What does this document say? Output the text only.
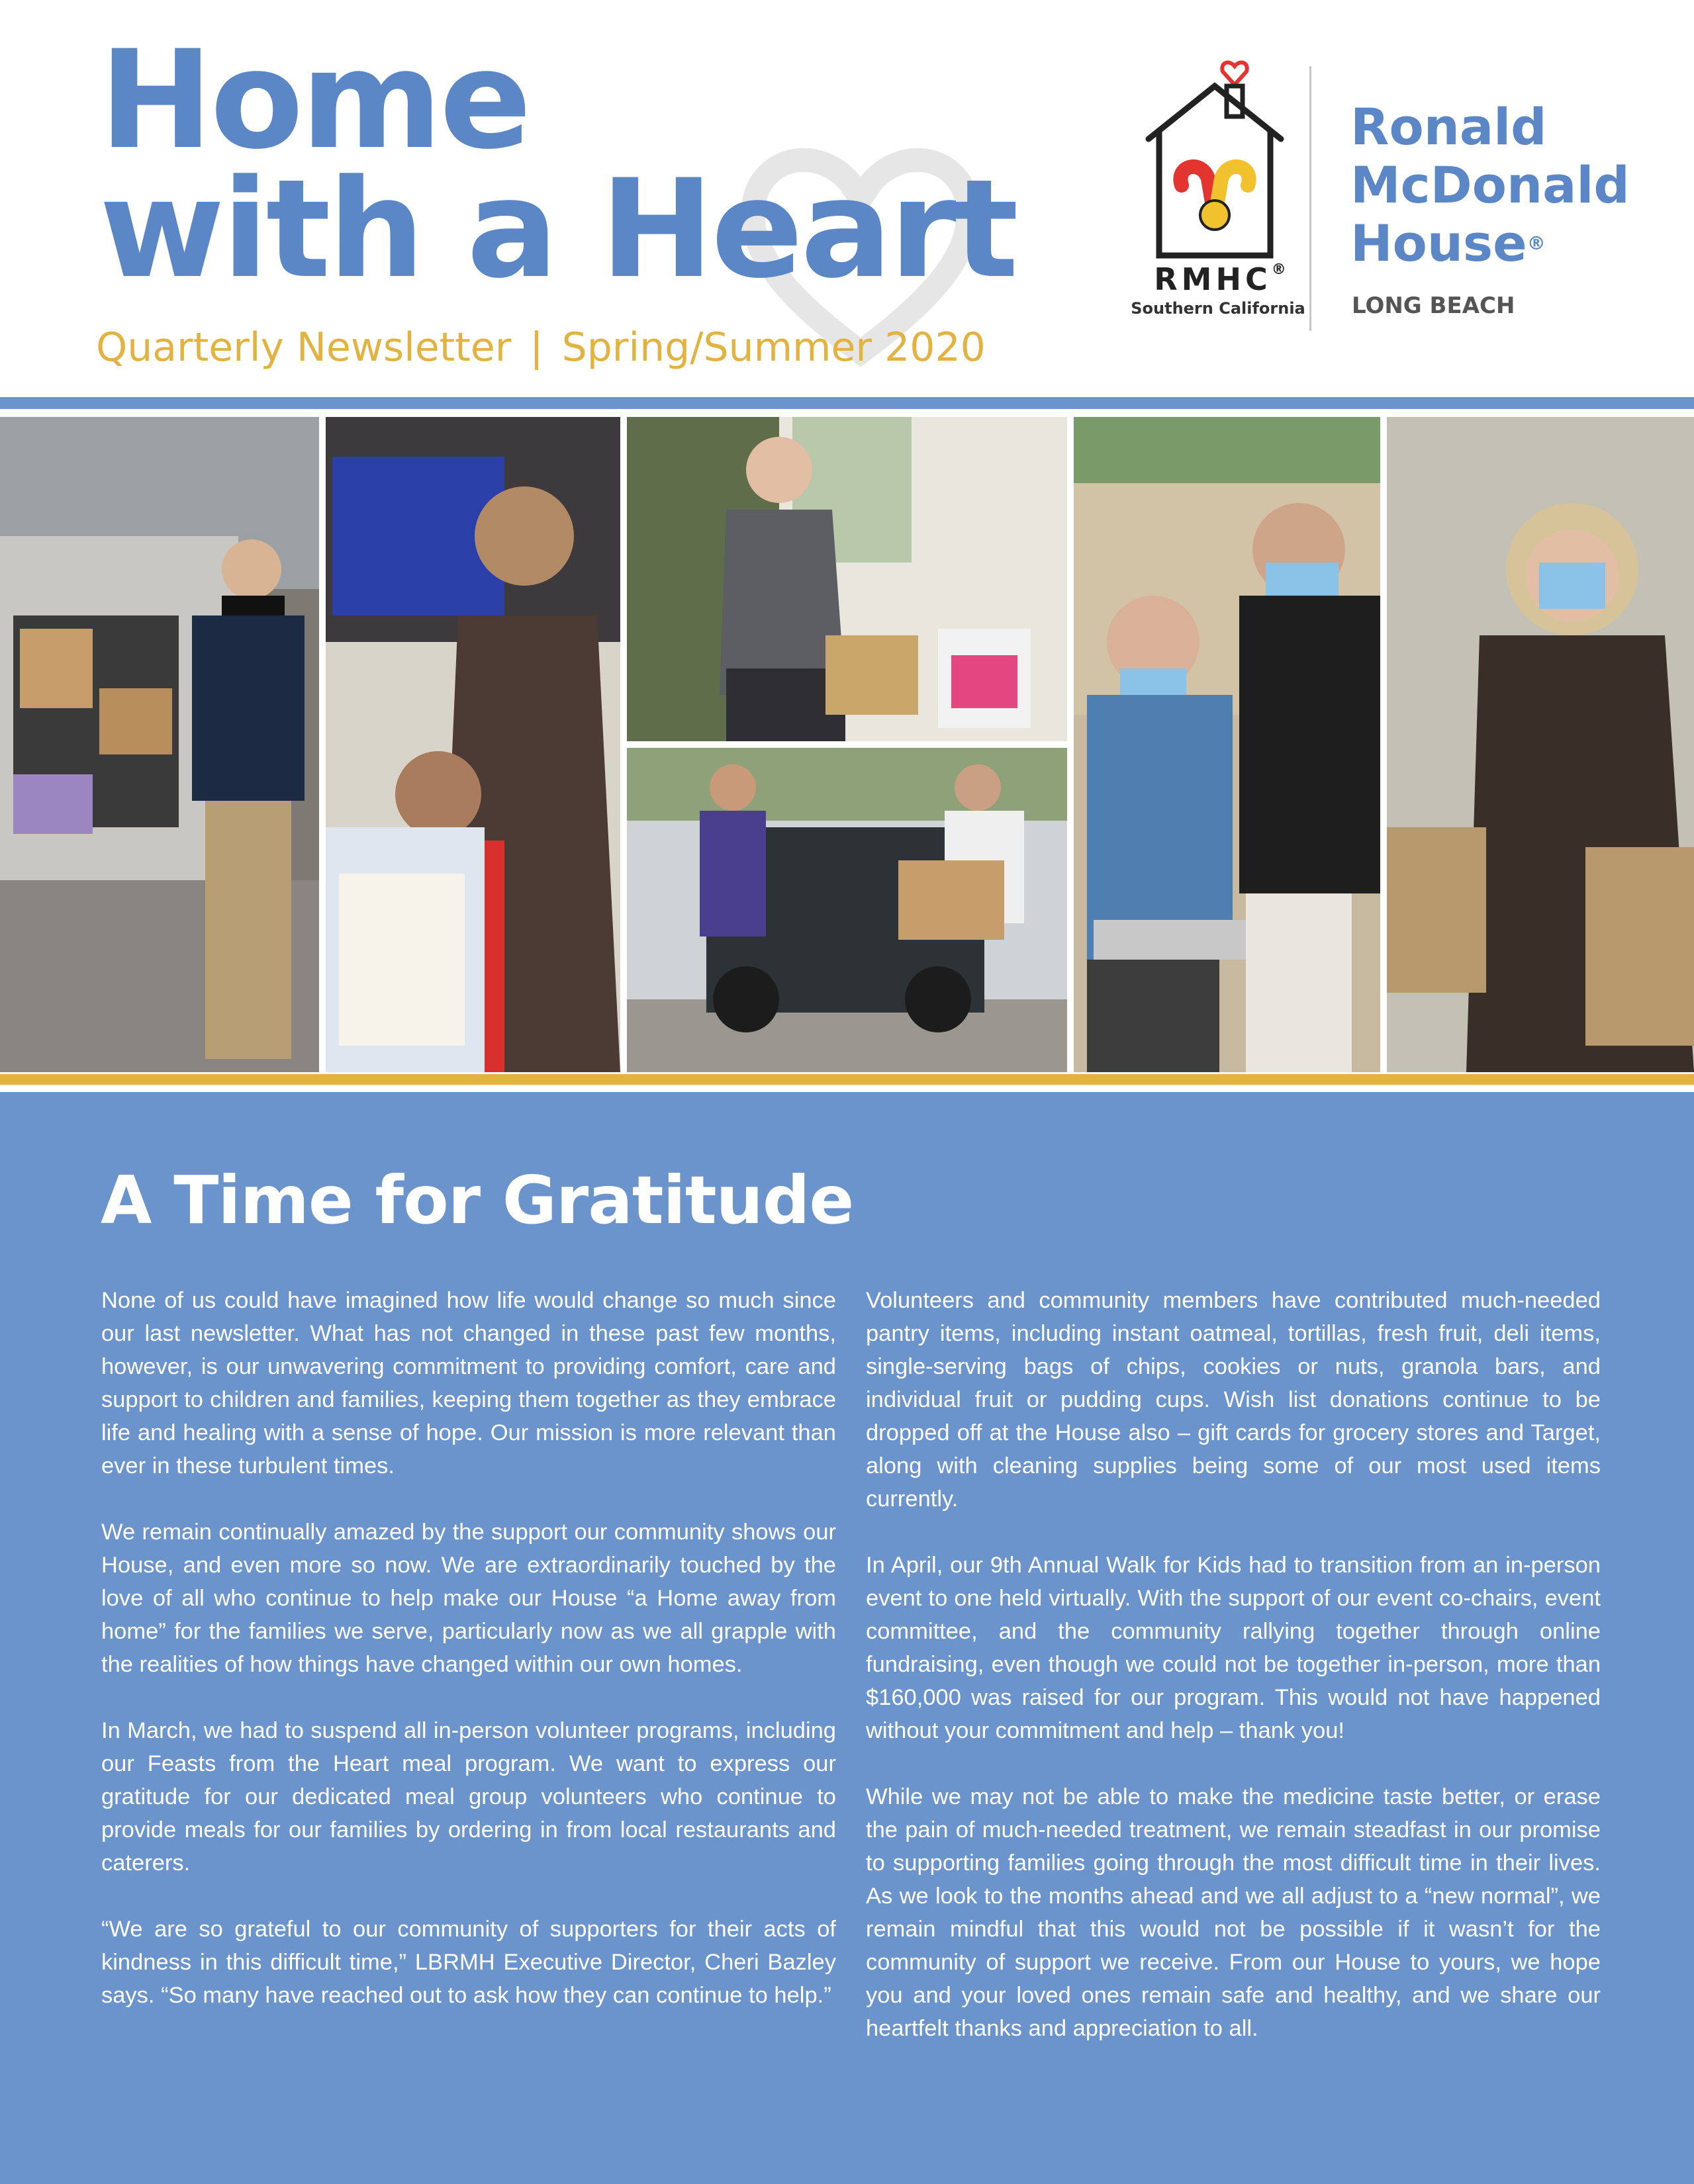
Home
with a Heart
Quarterly Newsletter | Spring/Summer 2020
RMHC®
Southern California
Ronald
McDonald
House®
LONG BEACH
A Time for Gratitude

None of us could have imagined how life would change so much since our last newsletter. What has not changed in these past few months, however, is our unwavering commitment to providing comfort, care and support to children and families, keeping them together as they embrace life and healing with a sense of hope. Our mission is more relevant than ever in these turbulent times.

We remain continually amazed by the support our community shows our House, and even more so now. We are extraordinarily touched by the love of all who continue to help make our House “a Home away from home” for the families we serve, particularly now as we all grapple with the realities of how things have changed within our own homes.

In March, we had to suspend all in-person volunteer programs, including our Feasts from the Heart meal program. We want to express our gratitude for our dedicated meal group volunteers who continue to provide meals for our families by ordering in from local restaurants and caterers.

“We are so grateful to our community of supporters for their acts of kindness in this difficult time,” LBRMH Executive Director, Cheri Bazley says. “So many have reached out to ask how they can continue to help.”

Volunteers and community members have contributed much-needed pantry items, including instant oatmeal, tortillas, fresh fruit, deli items, single-serving bags of chips, cookies or nuts, granola bars, and individual fruit or pudding cups. Wish list donations continue to be dropped off at the House also – gift cards for grocery stores and Target, along with cleaning supplies being some of our most used items currently.

In April, our 9th Annual Walk for Kids had to transition from an in-person event to one held virtually. With the support of our event co-chairs, event committee, and the community rallying together through online fundraising, even though we could not be together in-person, more than $160,000 was raised for our program. This would not have happened without your commitment and help – thank you!

While we may not be able to make the medicine taste better, or erase the pain of much-needed treatment, we remain steadfast in our promise to supporting families going through the most difficult time in their lives. As we look to the months ahead and we all adjust to a “new normal”, we remain mindful that this would not be possible if it wasn’t for the community of support we receive. From our House to yours, we hope you and your loved ones remain safe and healthy, and we share our heartfelt thanks and appreciation to all.
